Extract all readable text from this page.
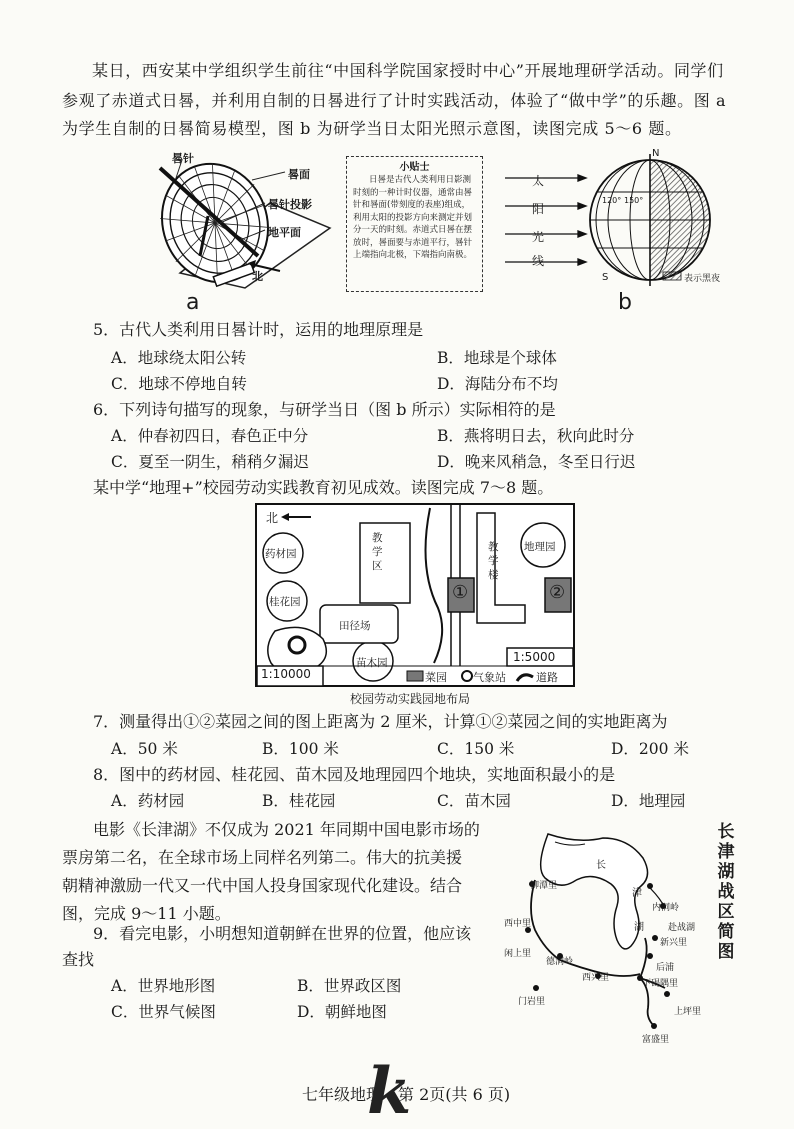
某日，西安某中学组织学生前往“中国科学院国家授时中心”开展地理研学活动。同学们
参观了赤道式日晷，并利用自制的日晷进行了计时实践活动，体验了“做中学”的乐趣。图 a
为学生自制的日晷简易模型，图 b 为研学当日太阳光照示意图，读图完成 5～6 题。
晷针
晷面
晷针投影
地平面
北
a
小贴士
日晷是古代人类利用日影测时刻的一种计时仪器，通常由晷针和晷面(带刻度的表座)组成，利用太阳的投影方向来测定并划分一天的时刻。赤道式日晷在摆放时，晷面要与赤道平行，晷针上端指向北极，下端指向南极。
太
阳
光
线
N
S
120° 150°
表示黑夜
b
5．古代人类利用日晷计时，运用的地理原理是
A．地球绕太阳公转	B．地球是个球体
C．地球不停地自转	D．海陆分布不均
6．下列诗句描写的现象，与研学当日（图 b 所示）实际相符的是
A．仲春初四日，春色正中分	B．燕将明日去，秋向此时分
C．夏至一阴生，稍稍夕漏迟	D．晚来风稍急，冬至日行迟
某中学“地理+”校园劳动实践教育初见成效。读图完成 7～8 题。
北
药材园
桂花园
教学区
田径场
苗木园
教学楼
地理园
①	②
1:10000
1:5000
菜园 气象站	道路
校园劳动实践园地布局
7．测量得出①②菜园之间的图上距离为 2 厘米，计算①②菜园之间的实地距离为
A．50 米	B．100 米	C．150 米	D．200 米
8．图中的药材园、桂花园、苗木园及地理园四个地块，实地面积最小的是
A．药材园	B．桂花园	C．苗木园	D．地理园
电影《长津湖》不仅成为 2021 年同期中国电影市场的
票房第二名，在全球市场上同样名列第二。伟大的抗美援
朝精神激励一代又一代中国人投身国家现代化建设。结合
图，完成 9～11 小题。
9．看完电影，小明想知道朝鲜在世界的位置，他应该
查找
A．世界地形图	B．世界政区图
C．世界气候图	D．朝鲜地图
柳潭里
西中里
闲上里
德洞岭
西兴里
门岩里
内洞岭
赴战湖
新兴里
后浦
下碣隅里
上坪里
富盛里
长
津
湖
长津湖战区简图
七年级地理
k
第 2页(共 6 页)
